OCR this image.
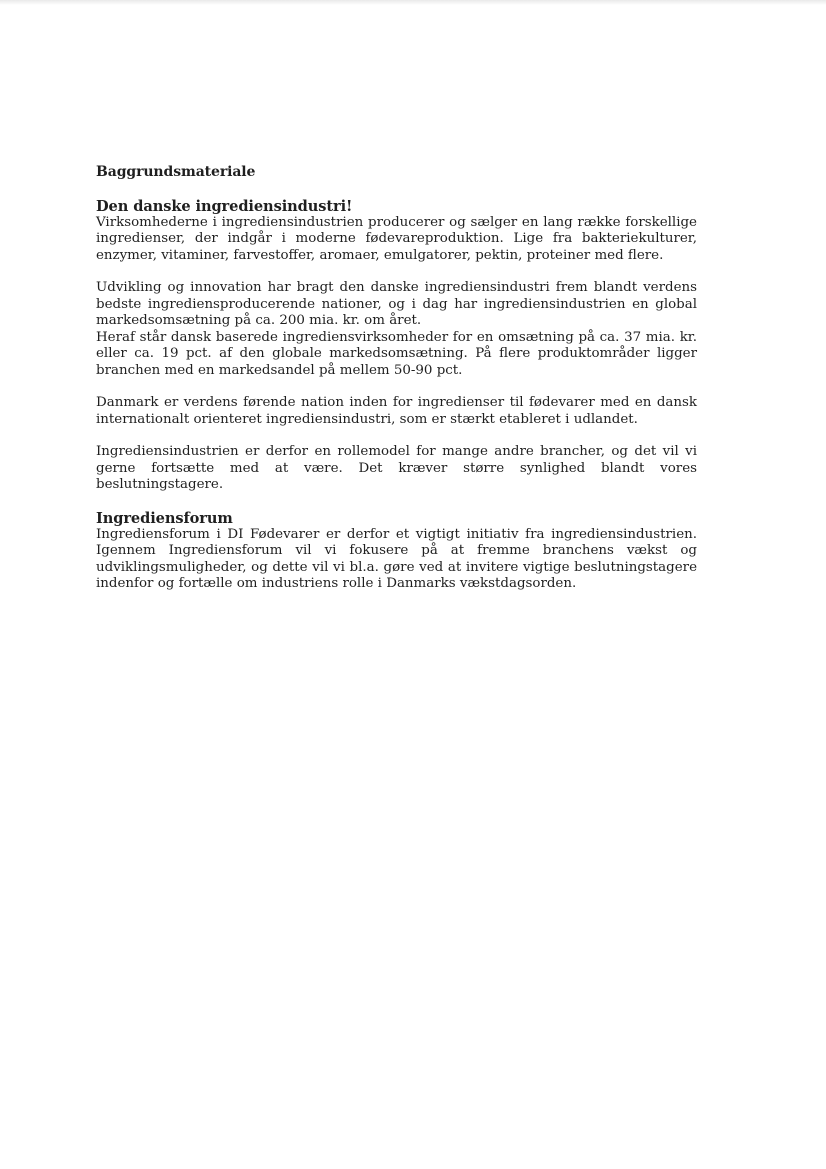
Baggrundsmateriale
Den danske ingrediensindustri!

Virksomhederne i ingrediensindustrien producerer og sælger en lang række forskellige ingredienser, der indgår i moderne fødevareproduktion. Lige fra bakteriekulturer, enzymer, vitaminer, farvestoffer, aromaer, emulgatorer, pektin, proteiner med flere.

Udvikling og innovation har bragt den danske ingrediensindustri frem blandt verdens bedste ingrediensproducerende nationer, og i dag har ingrediensindustrien en global markedsomsætning på ca. 200 mia. kr. om året.

Heraf står dansk baserede ingrediensvirksomheder for en omsætning på ca. 37 mia. kr. eller ca. 19 pct. af den globale markedsomsætning. På flere produktområder ligger branchen med en markedsandel på mellem 50-90 pct.

Danmark er verdens førende nation inden for ingredienser til fødevarer med en dansk internationalt orienteret ingrediensindustri, som er stærkt etableret i udlandet.

Ingrediensindustrien er derfor en rollemodel for mange andre brancher, og det vil vi gerne fortsætte med at være. Det kræver større synlighed blandt vores beslutningstagere.

Ingrediensforum

Ingrediensforum i DI Fødevarer er derfor et vigtigt initiativ fra ingrediensindustrien. Igennem Ingrediensforum vil vi fokusere på at fremme branchens vækst og udviklingsmuligheder, og dette vil vi bl.a. gøre ved at invitere vigtige beslutningstagere indenfor og fortælle om industriens rolle i Danmarks vækstdagsorden.
